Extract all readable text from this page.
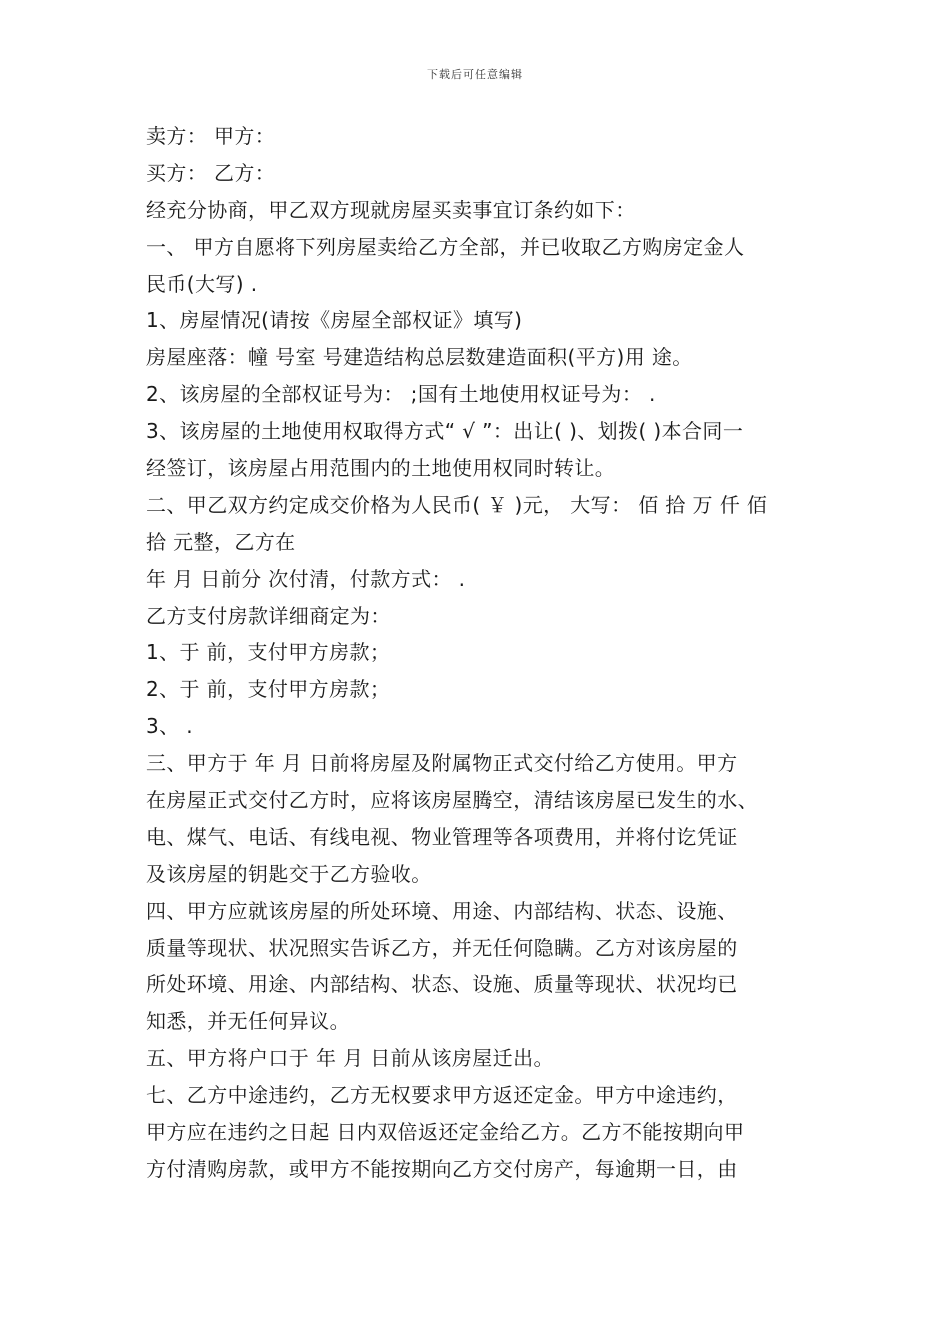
下载后可任意编辑
卖方： 甲方：
买方： 乙方：
经充分协商，甲乙双方现就房屋买卖事宜订条约如下：
一、 甲方自愿将下列房屋卖给乙方全部，并已收取乙方购房定金人
民币(大写) .
1、房屋情况(请按《房屋全部权证》填写)
房屋座落：幢 号室 号建造结构总层数建造面积(平方)用 途。
2、该房屋的全部权证号为： ;国有土地使用权证号为： .
3、该房屋的土地使用权取得方式“ √ ”：出让( )、划拨( )本合同一
经签订，该房屋占用范围内的土地使用权同时转让。
二、甲乙双方约定成交价格为人民币( ￥ )元， 大写： 佰 拾 万 仟 佰
拾 元整，乙方在
年 月 日前分 次付清，付款方式： .
乙方支付房款详细商定为：
1、于 前，支付甲方房款；
2、于 前，支付甲方房款；
3、 .
三、甲方于 年 月 日前将房屋及附属物正式交付给乙方使用。甲方
在房屋正式交付乙方时，应将该房屋腾空，清结该房屋已发生的水、
电、煤气、电话、有线电视、物业管理等各项费用，并将付讫凭证
及该房屋的钥匙交于乙方验收。
四、甲方应就该房屋的所处环境、用途、内部结构、状态、设施、
质量等现状、状况照实告诉乙方，并无任何隐瞒。乙方对该房屋的
所处环境、用途、内部结构、状态、设施、质量等现状、状况均已
知悉，并无任何异议。
五、甲方将户口于 年 月 日前从该房屋迁出。
七、乙方中途违约，乙方无权要求甲方返还定金。甲方中途违约，
甲方应在违约之日起 日内双倍返还定金给乙方。乙方不能按期向甲
方付清购房款，或甲方不能按期向乙方交付房产，每逾期一日，由
